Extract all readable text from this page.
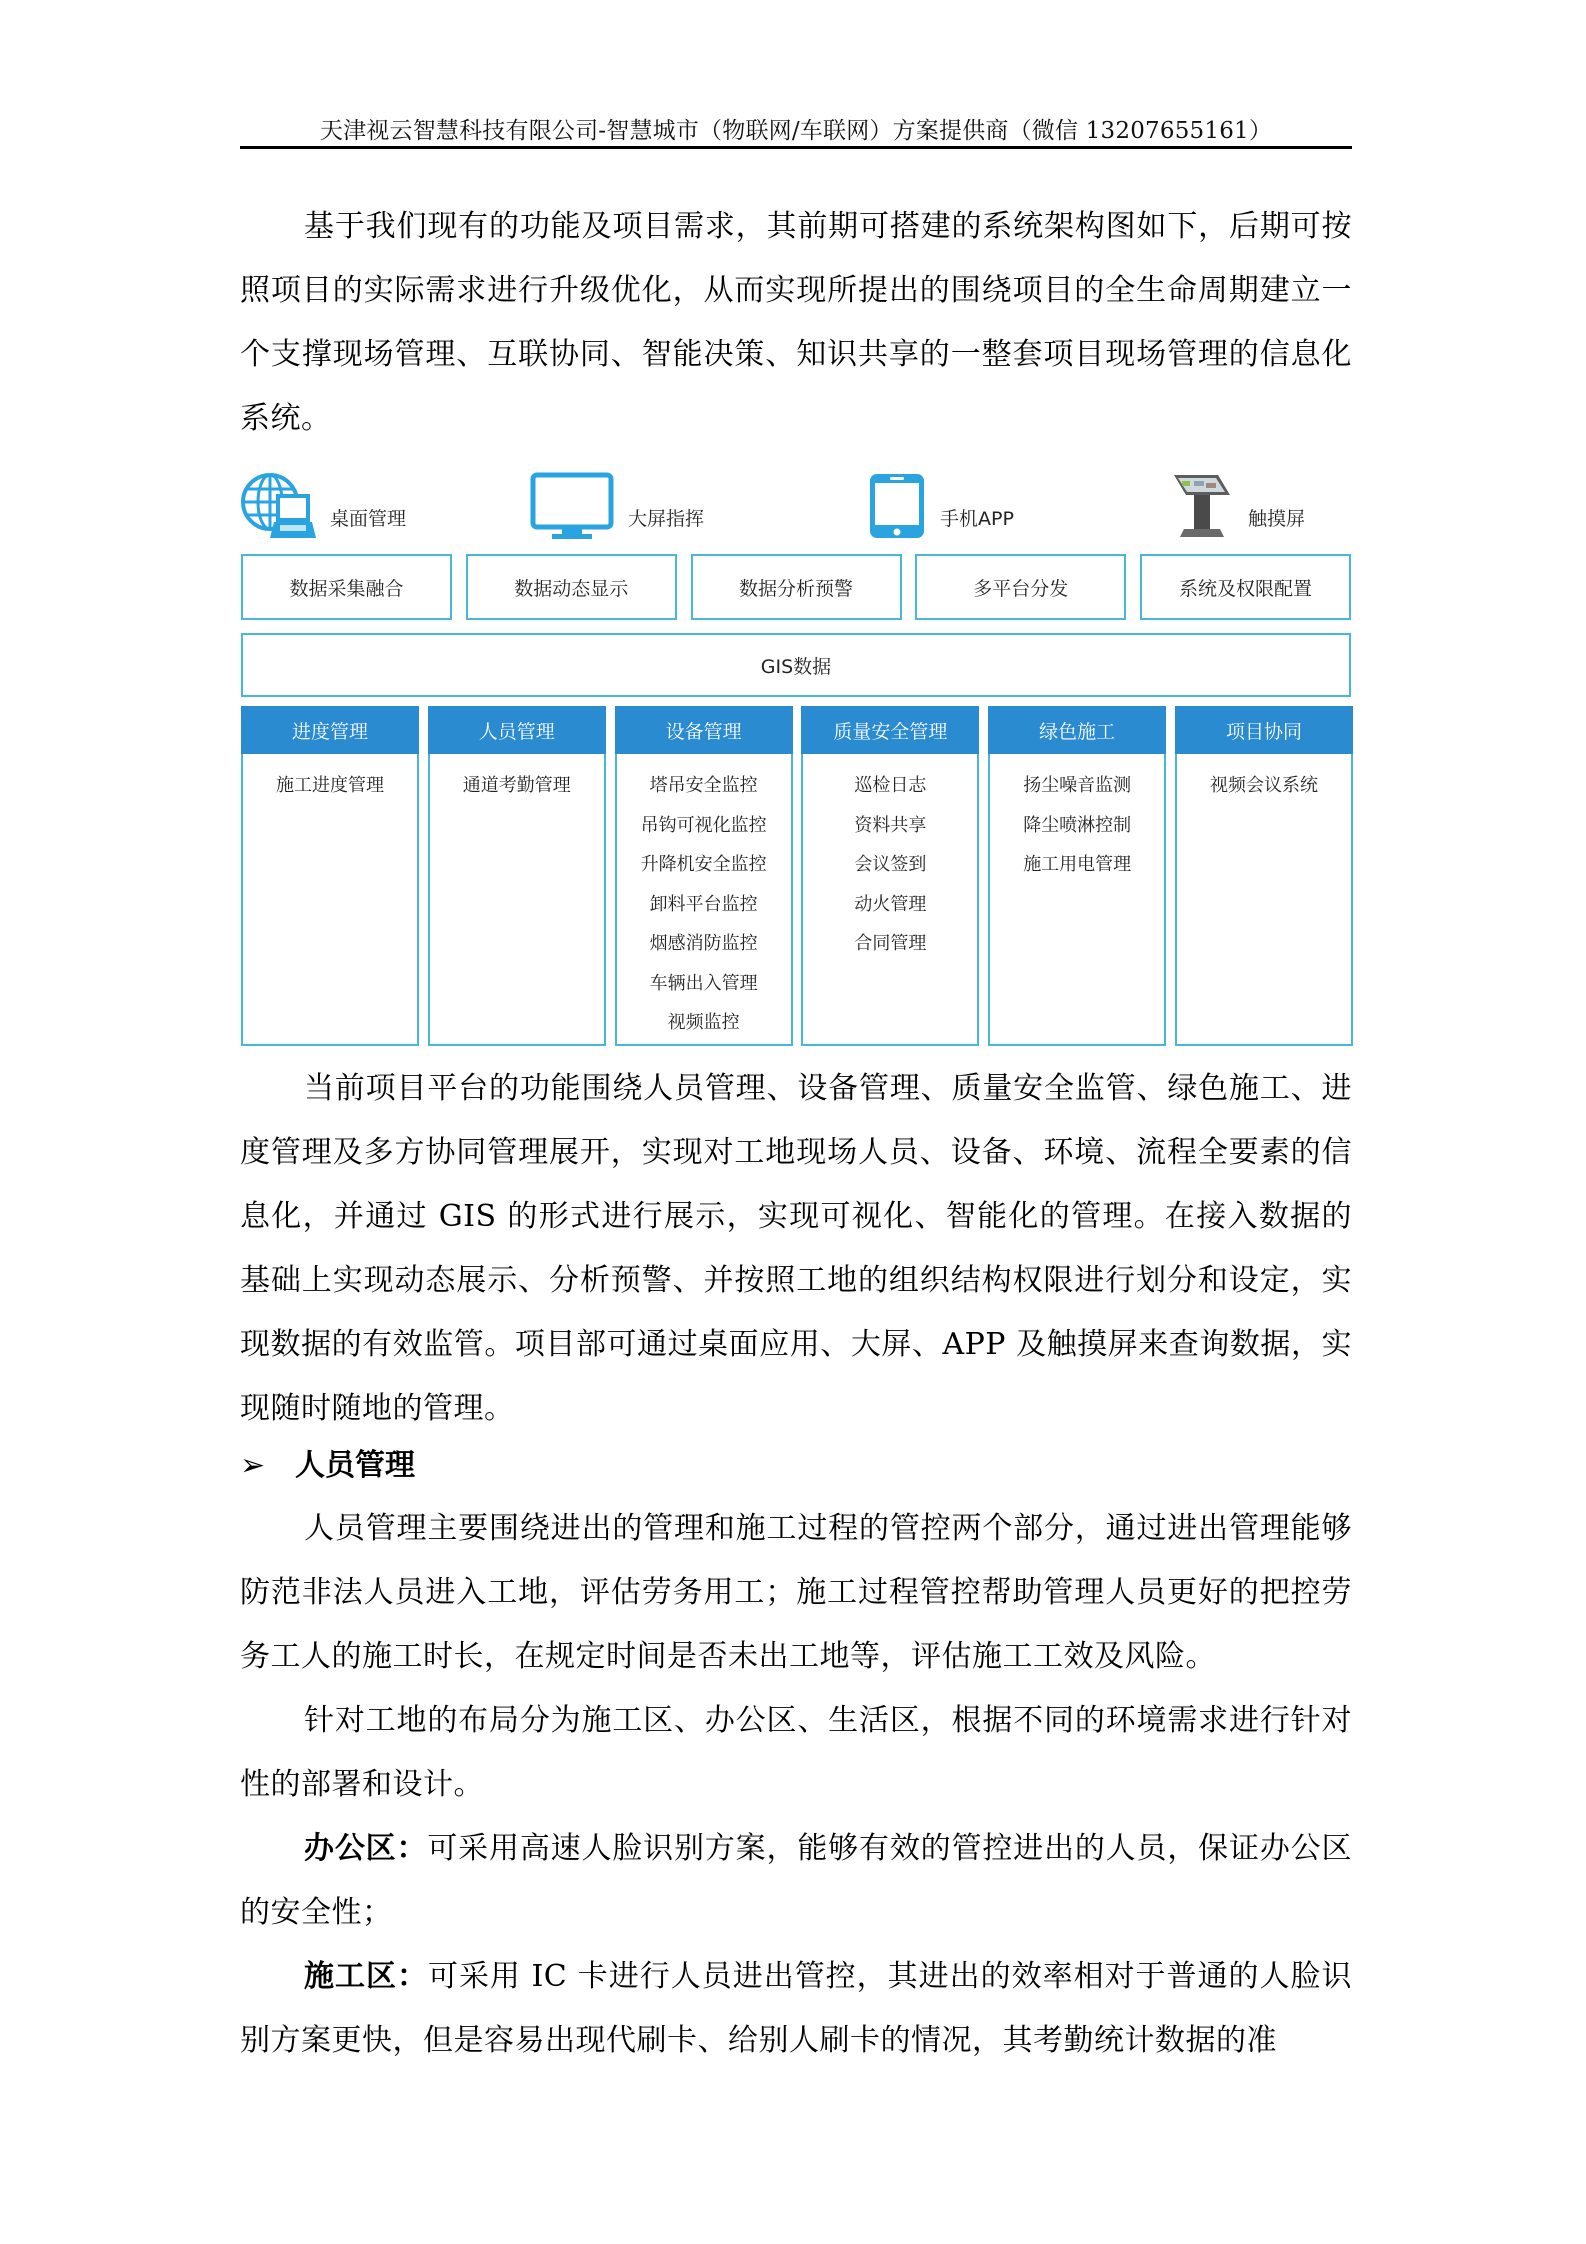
天津视云智慧科技有限公司-智慧城市（物联网/车联网）方案提供商（微信 13207655161）

基于我们现有的功能及项目需求，其前期可搭建的系统架构图如下，后期可按照项目的实际需求进行升级优化，从而实现所提出的围绕项目的全生命周期建立一个支撑现场管理、互联协同、智能决策、知识共享的一整套项目现场管理的信息化系统。

桌面管理	大屏指挥	手机APP	触摸屏
数据采集融合	数据动态显示	数据分析预警	多平台分发	系统及权限配置
GIS数据
进度管理
施工进度管理
人员管理
通道考勤管理
设备管理
塔吊安全监控
吊钩可视化监控
升降机安全监控
卸料平台监控
烟感消防监控
车辆出入管理
视频监控
质量安全管理
巡检日志
资料共享
会议签到
动火管理
合同管理
绿色施工
扬尘噪音监测
降尘喷淋控制
施工用电管理
项目协同
视频会议系统

当前项目平台的功能围绕人员管理、设备管理、质量安全监管、绿色施工、进度管理及多方协同管理展开，实现对工地现场人员、设备、环境、流程全要素的信息化，并通过 GIS 的形式进行展示，实现可视化、智能化的管理。在接入数据的基础上实现动态展示、分析预警、并按照工地的组织结构权限进行划分和设定，实现数据的有效监管。项目部可通过桌面应用、大屏、APP 及触摸屏来查询数据，实现随时随地的管理。

➢ 人员管理

人员管理主要围绕进出的管理和施工过程的管控两个部分，通过进出管理能够防范非法人员进入工地，评估劳务用工；施工过程管控帮助管理人员更好的把控劳务工人的施工时长，在规定时间是否未出工地等，评估施工工效及风险。

针对工地的布局分为施工区、办公区、生活区，根据不同的环境需求进行针对性的部署和设计。

办公区：可采用高速人脸识别方案，能够有效的管控进出的人员，保证办公区的安全性；

施工区：可采用 IC 卡进行人员进出管控，其进出的效率相对于普通的人脸识别方案更快，但是容易出现代刷卡、给别人刷卡的情况，其考勤统计数据的准
